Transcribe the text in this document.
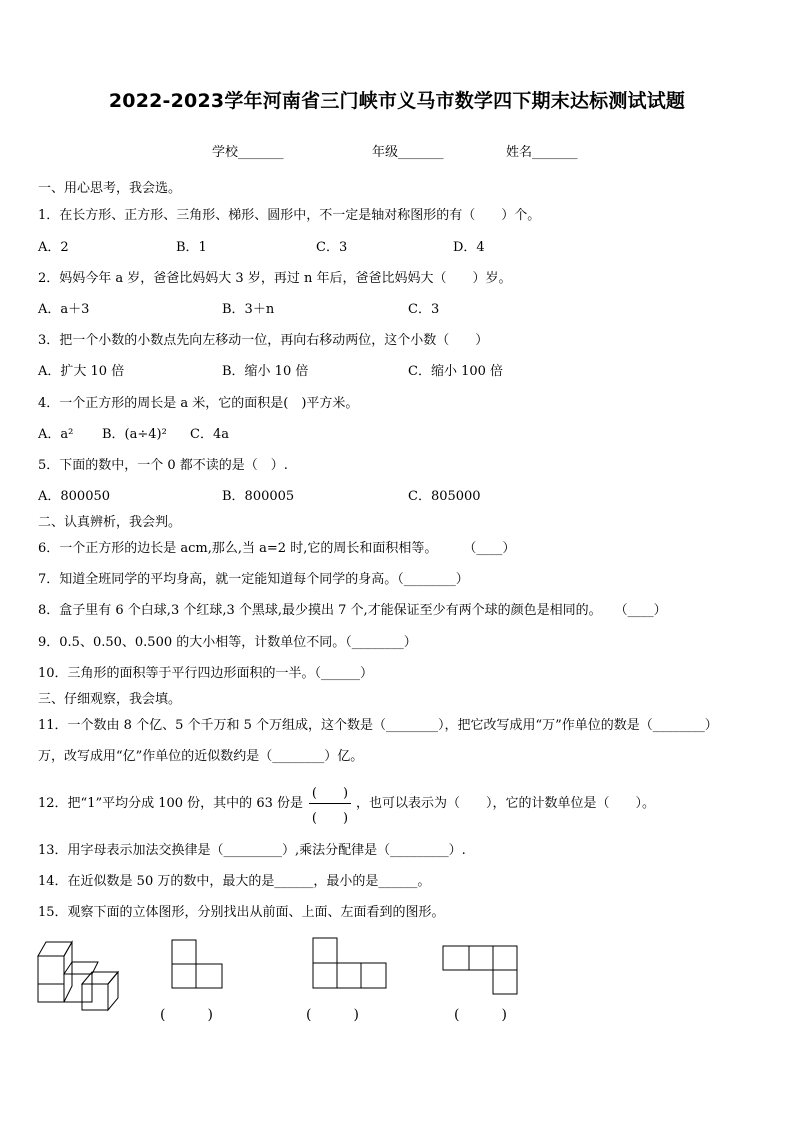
2022-2023学年河南省三门峡市义马市数学四下期末达标测试试题
学校_______	年级_______	姓名_______
一、用心思考，我会选。
1．在长方形、正方形、三角形、梯形、圆形中，不一定是轴对称图形的有（　　）个。
A．2	B．1	C．3	D．4
2．妈妈今年 a 岁，爸爸比妈妈大 3 岁，再过 n 年后，爸爸比妈妈大（　　）岁。
A．a＋3	B．3＋n	C．3
3．把一个小数的小数点先向左移动一位，再向右移动两位，这个小数（　　）
A．扩大 10 倍	B．缩小 10 倍	C．缩小 100 倍
4．一个正方形的周长是 a 米，它的面积是(　)平方米。
A．a² B．(a÷4)² C．4a
5．下面的数中，一个 0 都不读的是（　）.
A．800050	B．800005	C．805000
二、认真辨析，我会判。
6．一个正方形的边长是 acm,那么,当 a=2 时,它的周长和面积相等。　　　（____）
7．知道全班同学的平均身高，就一定能知道每个同学的身高。（________）
8．盒子里有 6 个白球,3 个红球,3 个黑球,最少摸出 7 个,才能保证至少有两个球的颜色是相同的。　　（____）
9．0.5、0.50、0.500 的大小相等，计数单位不同。（________）
10．三角形的面积等于平行四边形面积的一半。（______）
三、仔细观察，我会填。
11．一个数由 8 个亿、5 个千万和 5 个万组成，这个数是（________），把它改写成用“万”作单位的数是（________）
万，改写成用“亿”作单位的近似数约是（________）亿。
12．把“1”平均分成 100 份，其中的 63 份是
(　　)
(　　)
，也可以表示为（　　），它的计数单位是（　　）。
13．用字母表示加法交换律是（_________）,乘法分配律是（_________）.
14．在近似数是 50 万的数中，最大的是______，最小的是______。
15．观察下面的立体图形，分别找出从前面、上面、左面看到的图形。
(　　　)	(　　　)	(　　　)
